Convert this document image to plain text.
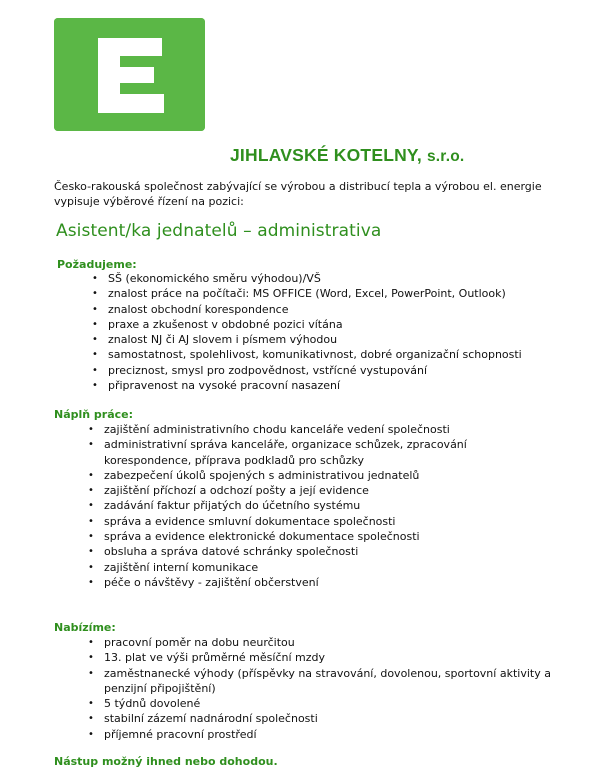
JIHLAVSKÉ KOTELNY, s.r.o.
Česko-rakouská společnost zabývající se výrobou a distribucí tepla a výrobou el. energie vypisuje výběrové řízení na pozici:
Asistent/ka jednatelů – administrativa
Požadujeme:
• SŠ (ekonomického směru výhodou)/VŠ
• znalost práce na počítači: MS OFFICE (Word, Excel, PowerPoint, Outlook)
• znalost obchodní korespondence
• praxe a zkušenost v obdobné pozici vítána
• znalost NJ či AJ slovem i písmem výhodou
• samostatnost, spolehlivost, komunikativnost, dobré organizační schopnosti
• preciznost, smysl pro zodpovědnost, vstřícné vystupování
• připravenost na vysoké pracovní nasazení
Náplň práce:
• zajištění administrativního chodu kanceláře vedení společnosti
• administrativní správa kanceláře, organizace schůzek, zpracování korespondence, příprava podkladů pro schůzky
• zabezpečení úkolů spojených s administrativou jednatelů
• zajištění příchozí a odchozí pošty a její evidence
• zadávání faktur přijatých do účetního systému
• správa a evidence smluvní dokumentace společnosti
• správa a evidence elektronické dokumentace společnosti
• obsluha a správa datové schránky společnosti
• zajištění interní komunikace
• péče o návštěvy - zajištění občerstvení
Nabízíme:
• pracovní poměr na dobu neurčitou
• 13. plat ve výši průměrné měsíční mzdy
• zaměstnanecké výhody (příspěvky na stravování, dovolenou, sportovní aktivity a penzijní připojištění)
• 5 týdnů dovolené
• stabilní zázemí nadnárodní společnosti
• příjemné pracovní prostředí
Nástup možný ihned nebo dohodou.
